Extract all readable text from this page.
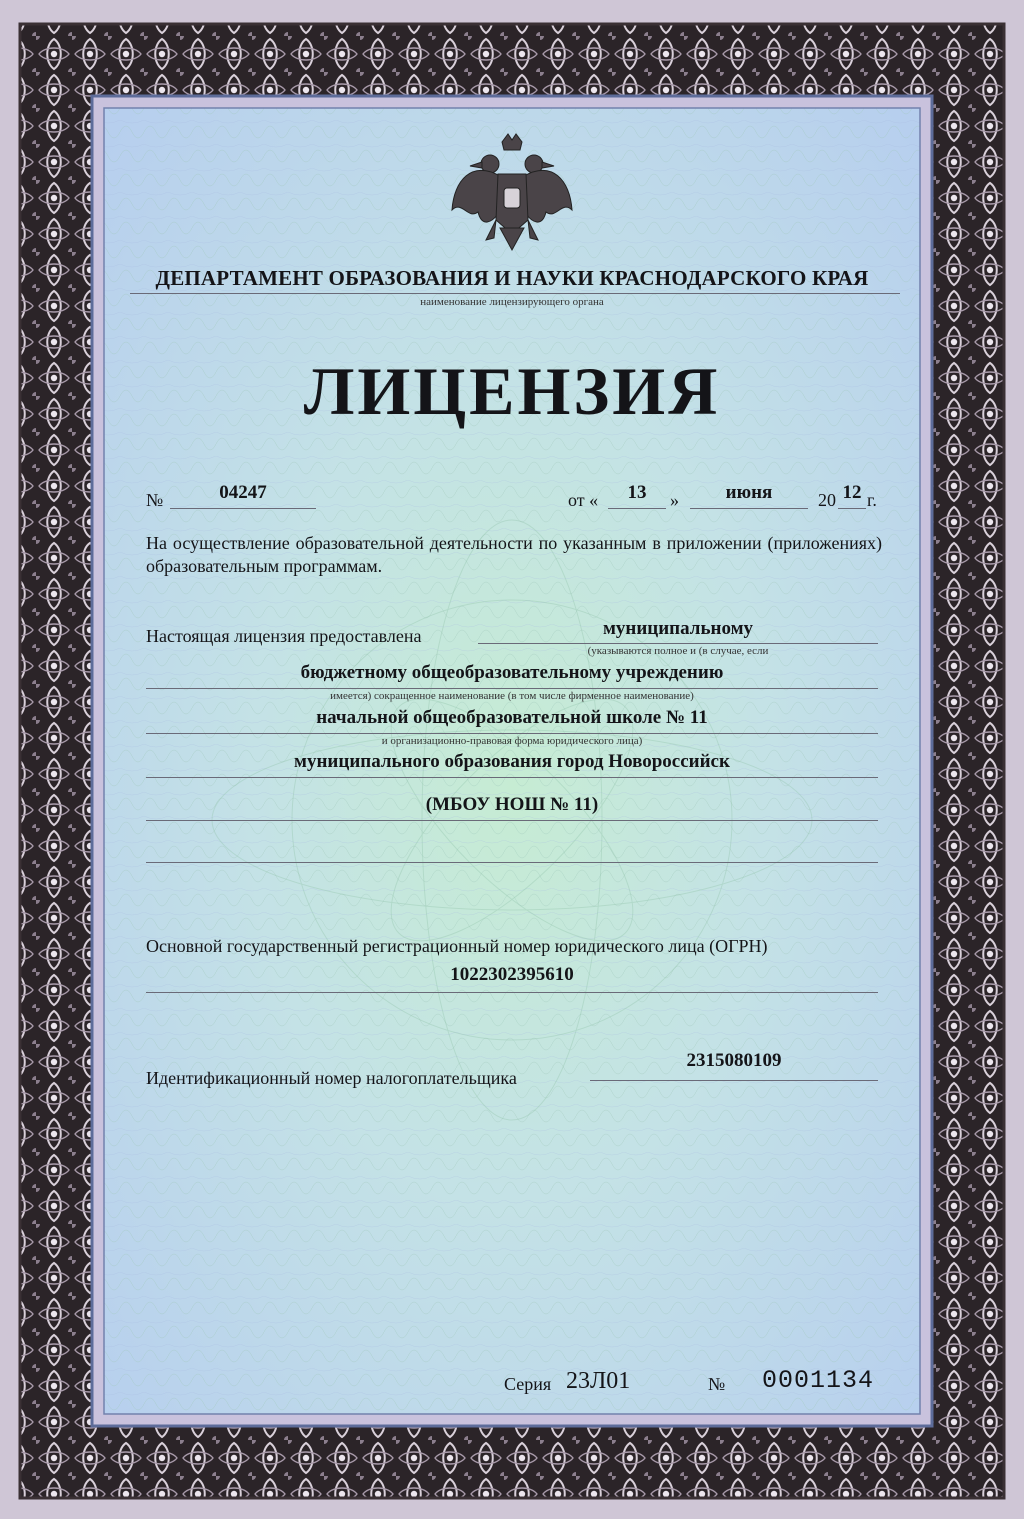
ДЕПАРТАМЕНТ ОБРАЗОВАНИЯ И НАУКИ КРАСНОДАРСКОГО КРАЯ
наименование лицензирующего органа
ЛИЦЕНЗИЯ
№	04247	от «	13	»	июня	20 12 г.
На осуществление образовательной деятельности по указанным в приложении (приложениях) образовательным программам.
Настоящая лицензия предоставлена	муниципальному
(указываются полное и (в случае, если
бюджетному общеобразовательному учреждению
имеется) сокращенное наименование (в том числе фирменное наименование)
начальной общеобразовательной школе № 11
и организационно-правовая форма юридического лица)
муниципального образования город Новороссийск
(МБОУ НОШ № 11)
Основной государственный регистрационный номер юридического лица (ОГРН)
1022302395610
Идентификационный номер налогоплательщика
2315080109
Серия 23Л01	№ 0001134
